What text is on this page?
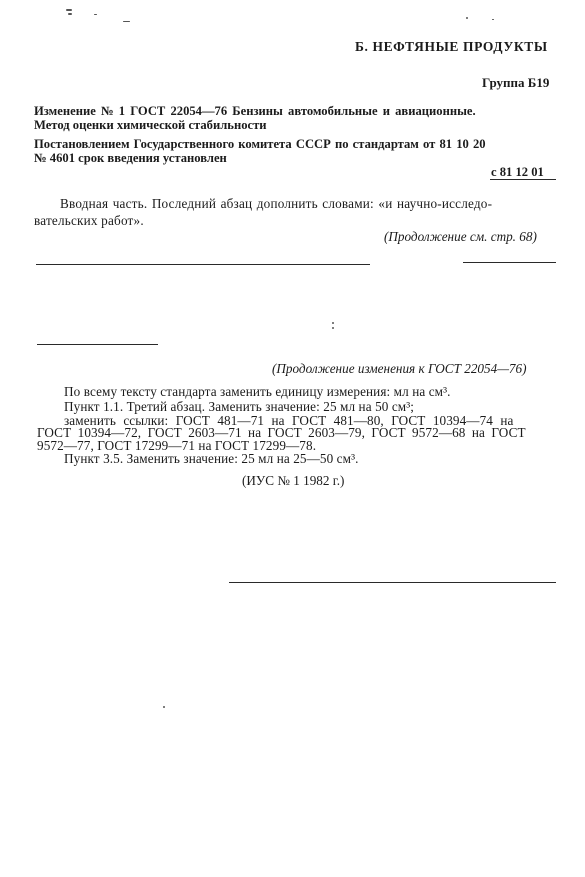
Б. НЕФТЯНЫЕ ПРОДУКТЫ
Группа Б19
Изменение № 1 ГОСТ 22054—76 Бензины автомобильные и авиационные.
Метод оценки химической стабильности
Постановлением Государственного комитета СССР по стандартам от 81 10 20
№ 4601 срок введения установлен
с 81 12 01
Вводная часть. Последний абзац дополнить словами: «и научно-исследо-
вательских работ».
(Продолжение см. стр. 68)
(Продолжение изменения к ГОСТ 22054—76)
По всему тексту стандарта заменить единицу измерения: мл на см³.
Пункт 1.1. Третий абзац. Заменить значение: 25 мл на 50 см³;
заменить ссылки: ГОСТ 481—71 на ГОСТ 481—80, ГОСТ 10394—74 на
ГОСТ 10394—72, ГОСТ 2603—71 на ГОСТ 2603—79, ГОСТ 9572—68 на ГОСТ
9572—77, ГОСТ 17299—71 на ГОСТ 17299—78.
Пункт 3.5. Заменить значение: 25 мл на 25—50 см³.
(ИУС № 1 1982 г.)
